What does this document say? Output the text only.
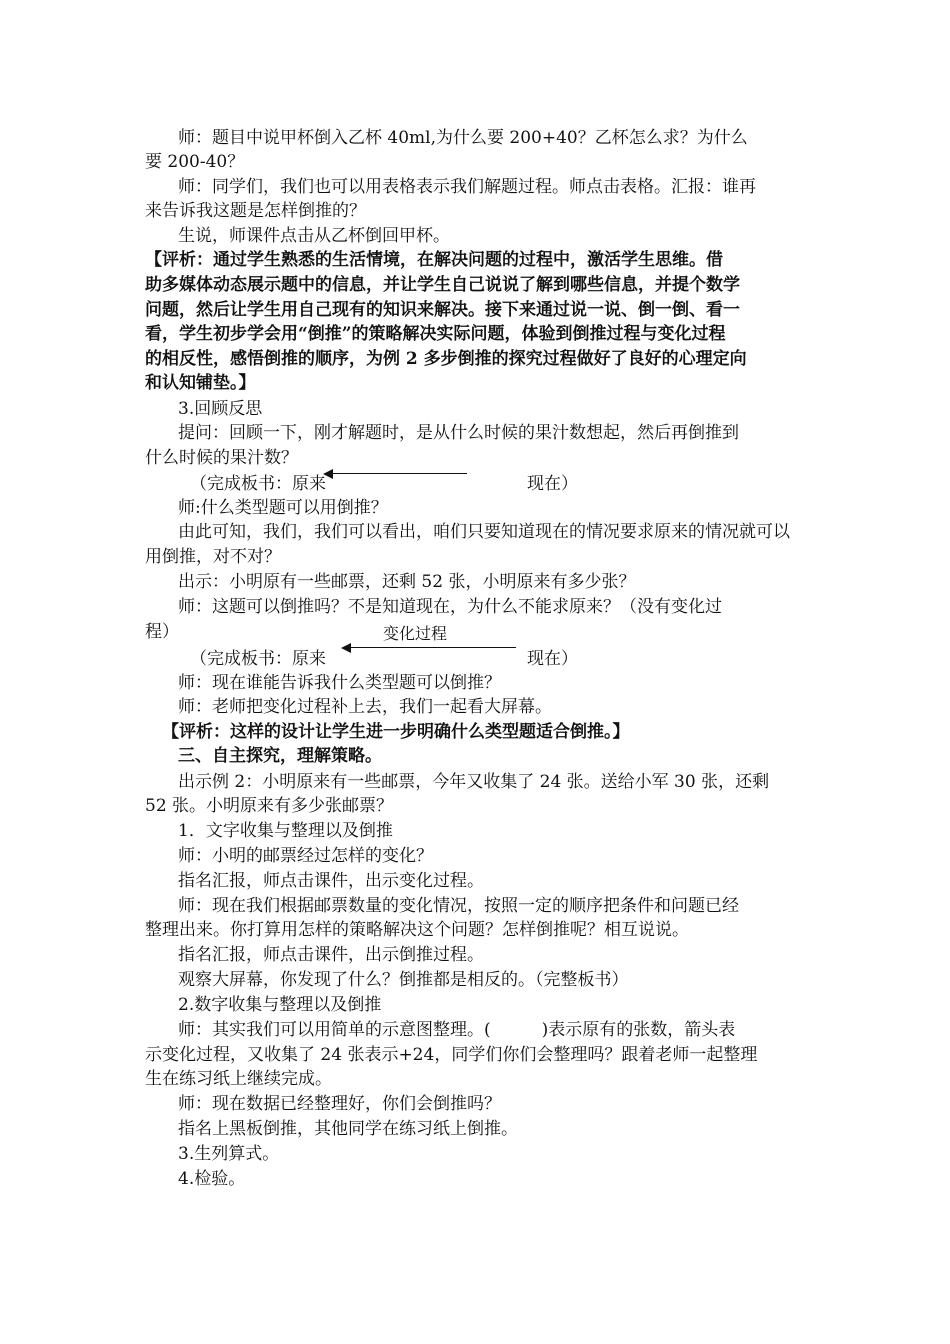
师：题目中说甲杯倒入乙杯 40ml,为什么要 200+40？乙杯怎么求？为什么
要 200-40？
师：同学们，我们也可以用表格表示我们解题过程。师点击表格。汇报：谁再
来告诉我这题是怎样倒推的？
生说，师课件点击从乙杯倒回甲杯。
【评析：通过学生熟悉的生活情境，在解决问题的过程中，激活学生思维。借
助多媒体动态展示题中的信息，并让学生自己说说了解到哪些信息，并提个数学
问题，然后让学生用自己现有的知识来解决。接下来通过说一说、倒一倒、看一
看，学生初步学会用“倒推”的策略解决实际问题，体验到倒推过程与变化过程
的相反性，感悟倒推的顺序，为例 2 多步倒推的探究过程做好了良好的心理定向
和认知铺垫。】
3.回顾反思
提问：回顾一下，刚才解题时，是从什么时候的果汁数想起，然后再倒推到
什么时候的果汁数？
（完成板书：原来	现在）
师:什么类型题可以用倒推？
由此可知，我们，我们可以看出，咱们只要知道现在的情况要求原来的情况就可以
用倒推，对不对？
出示：小明原有一些邮票，还剩 52 张，小明原来有多少张？
师：这题可以倒推吗？不是知道现在，为什么不能求原来？（没有变化过
程）	变化过程
（完成板书：原来	现在）
师：现在谁能告诉我什么类型题可以倒推？
师：老师把变化过程补上去，我们一起看大屏幕。
【评析：这样的设计让学生进一步明确什么类型题适合倒推。】
三、自主探究，理解策略。
出示例 2：小明原来有一些邮票，今年又收集了 24 张。送给小军 30 张，还剩
52 张。小明原来有多少张邮票？
1．文字收集与整理以及倒推
师：小明的邮票经过怎样的变化？
指名汇报，师点击课件，出示变化过程。
师：现在我们根据邮票数量的变化情况，按照一定的顺序把条件和问题已经
整理出来。你打算用怎样的策略解决这个问题？怎样倒推呢？相互说说。
指名汇报，师点击课件，出示倒推过程。
观察大屏幕，你发现了什么？倒推都是相反的。（完整板书）
2.数字收集与整理以及倒推
师：其实我们可以用简单的示意图整理。(　　　)表示原有的张数，箭头表
示变化过程，又收集了 24 张表示+24，同学们你们会整理吗？跟着老师一起整理
生在练习纸上继续完成。
师：现在数据已经整理好，你们会倒推吗？
指名上黑板倒推，其他同学在练习纸上倒推。
3.生列算式。
4.检验。
